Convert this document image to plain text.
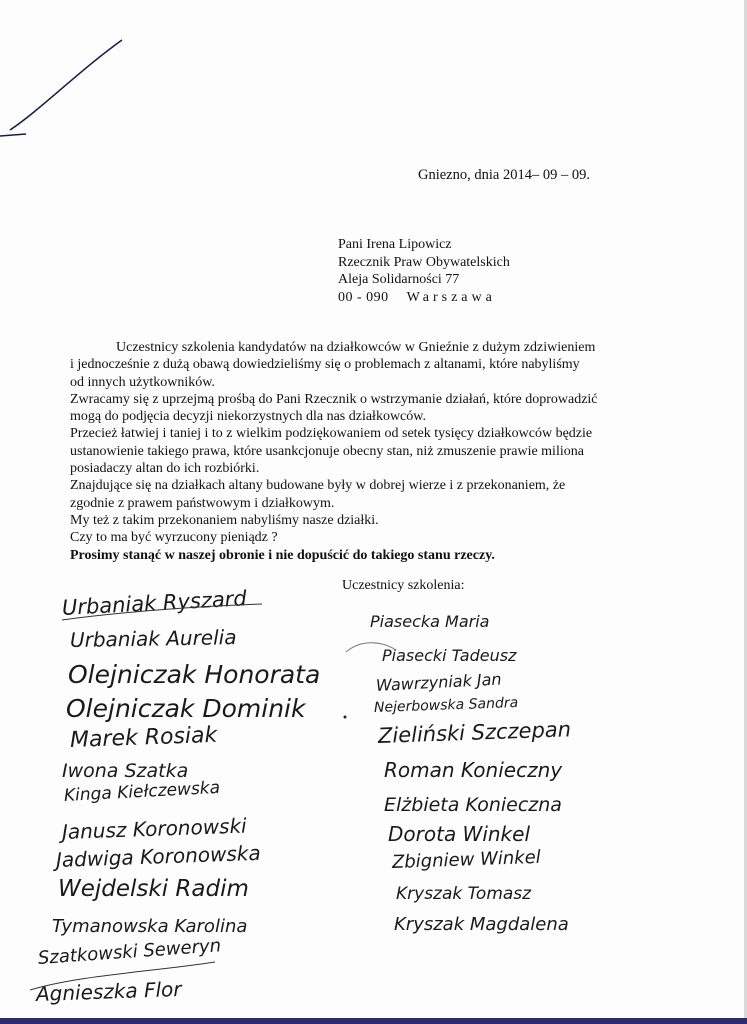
Gniezno, dnia 2014– 09 – 09.
Pani Irena Lipowicz
Rzecznik Praw Obywatelskich
Aleja Solidarności 77
00 - 090 Warszawa

Uczestnicy szkolenia kandydatów na działkowców w Gnieźnie z dużym zdziwieniem

i jednocześnie z dużą obawą dowiedzieliśmy się o problemach z altanami, które nabyliśmy

od innych użytkowników.

Zwracamy się z uprzejmą prośbą do Pani Rzecznik o wstrzymanie działań, które doprowadzić

mogą do podjęcia decyzji niekorzystnych dla nas działkowców.

Przecież łatwiej i taniej i to z wielkim podziękowaniem od setek tysięcy działkowców będzie

ustanowienie takiego prawa, które usankcjonuje obecny stan, niż zmuszenie prawie miliona

posiadaczy altan do ich rozbiórki.

Znajdujące się na działkach altany budowane były w dobrej wierze i z przekonaniem, że

zgodnie z prawem państwowym i działkowym.

My też z takim przekonaniem nabyliśmy nasze działki.

Czy to ma być wyrzucony pieniądz ?

Prosimy stanąć w naszej obronie i nie dopuścić do takiego stanu rzeczy.

Uczestnicy szkolenia:
Urbaniak Ryszard
Urbaniak Aurelia
Olejniczak Honorata
Olejniczak Dominik
Marek Rosiak
Iwona Szatka
Kinga Kiełczewska
Janusz Koronowski
Jadwiga Koronowska
Wejdelski Radim
Tymanowska Karolina
Szatkowski Seweryn
Agnieszka Flor
Piasecka Maria
Piasecki Tadeusz
Wawrzyniak Jan
Nejerbowska Sandra
Zieliński Szczepan
Roman Konieczny
Elżbieta Konieczna
Dorota Winkel
Zbigniew Winkel
Kryszak Tomasz
Kryszak Magdalena
